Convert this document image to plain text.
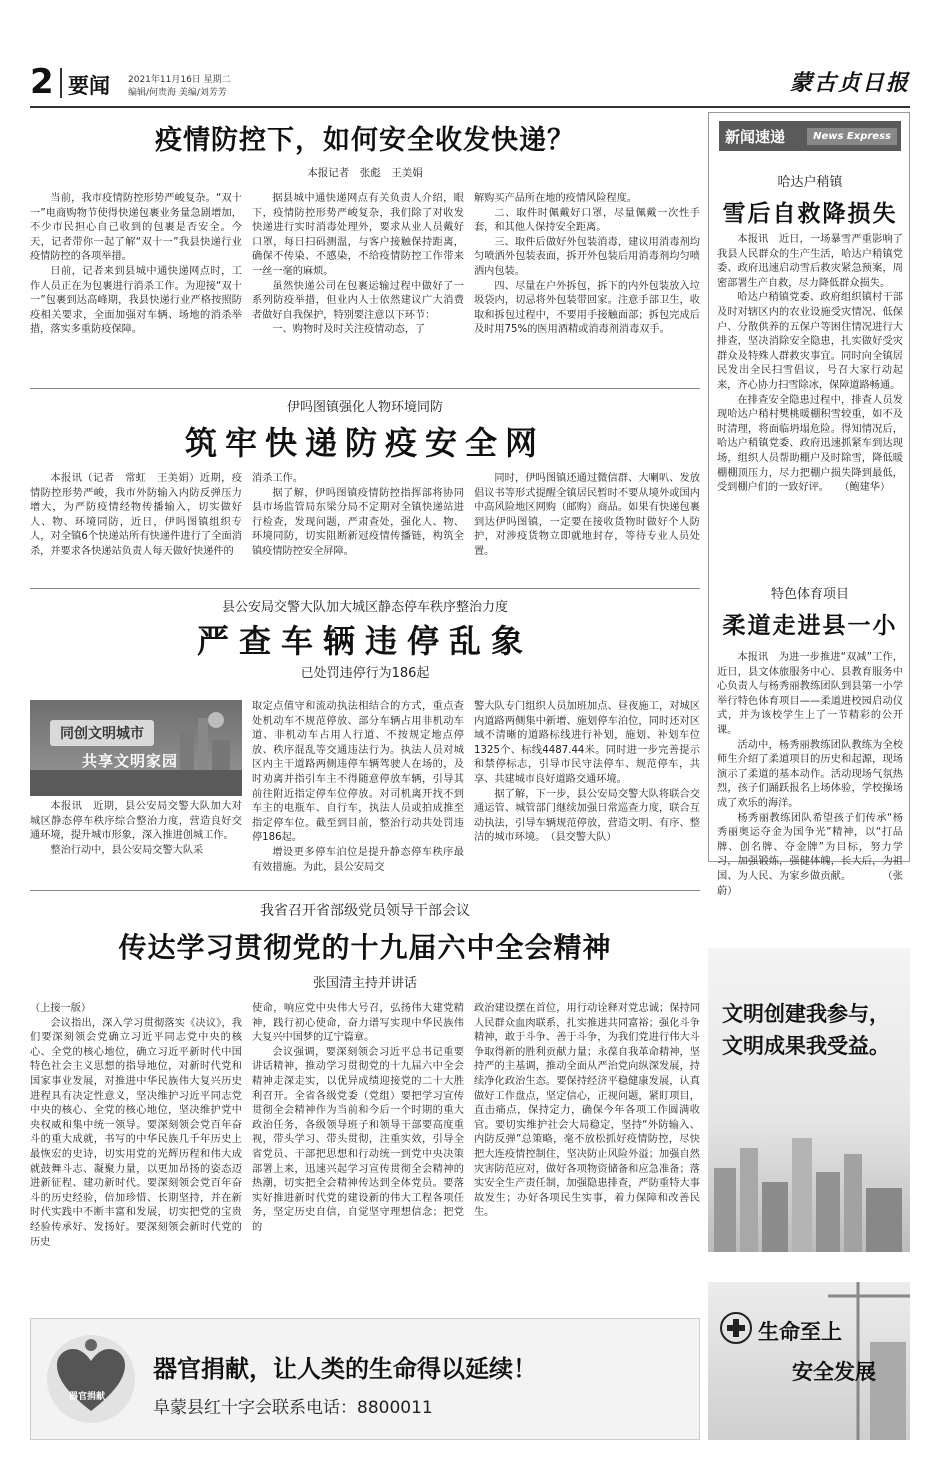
2 要闻 2021年11月16日 星期二
编辑/何贵海 美编/刘芳芳	蒙古贞日报
疫情防控下，如何安全收发快递？
本报记者　张彪　王美娟

当前，我市疫情防控形势严峻复杂。“双十一”电商购物节使得快递包裹业务量急剧增加，不少市民担心自己收到的包裹是否安全。今天，记者带你一起了解“双十一”我县快递行业疫情防控的各项举措。

日前，记者来到县城中通快递网点时，工作人员正在为包裹进行消杀工作。为迎接“双十一”包裹到达高峰期，我县快递行业严格按照防疫相关要求，全面加强对车辆、场地的消杀举措，落实多重防疫保障。

据县城中通快递网点有关负责人介绍，眼下，疫情防控形势严峻复杂，我们除了对收发快递进行实时消毒处理外，要求从业人员戴好口罩，每日扫码测温，与客户接触保持距离，确保不传染、不感染，不给疫情防控工作带来一丝一毫的麻烦。

虽然快递公司在包裹运输过程中做好了一系列防疫举措，但业内人士依然建议广大消费者做好自我保护，特别要注意以下环节：

一、购物时及时关注疫情动态，了

解购买产品所在地的疫情风险程度。

二、取件时佩戴好口罩，尽量佩戴一次性手套，和其他人保持安全距离。

三、取件后做好外包装消毒，建议用消毒剂均匀喷洒外包装表面，拆开外包装后用消毒剂均匀喷洒内包装。

四、尽量在户外拆包，拆下的内外包装放入垃圾袋内，切忌将外包装带回家。注意手部卫生，收取和拆包过程中，不要用手接触面部；拆包完成后及时用75%的医用酒精或消毒剂消毒双手。

伊吗图镇强化人物环境同防
筑牢快递防疫安全网

本报讯（记者　常虹　王美娟）近期，疫情防控形势严峻，我市外防输入内防反弹压力增大，为严防疫情经物传播输入，切实做好人、物、环境同防，近日，伊吗图镇组织专人，对全镇6个快递站所有快递件进行了全面消杀，并要求各快递站负责人每天做好快递件的

消杀工作。

据了解，伊吗图镇疫情防控指挥部将协同县市场监管局东梁分局不定期对全镇快递站进行检查，发现问题，严肃查处，强化人、物、环境同防，切实阻断新冠疫情传播链，构筑全镇疫情防控安全屏障。

同时，伊吗图镇还通过微信群、大喇叭、发放倡议书等形式提醒全镇居民暂时不要从境外或国内中高风险地区网购（邮购）商品。如果有快递包裹到达伊吗图镇，一定要在接收货物时做好个人防护，对涉疫货物立即就地封存，等待专业人员处置。

县公安局交警大队加大城区静态停车秩序整治力度
严查车辆违停乱象
已处罚违停行为186起
同创文明城市
共享文明家园

本报讯　近期，县公安局交警大队加大对城区静态停车秩序综合整治力度，营造良好交通环境，提升城市形象，深入推进创城工作。

整治行动中，县公安局交警大队采

取定点值守和流动执法相结合的方式，重点查处机动车不规范停放、部分车辆占用非机动车道、非机动车占用人行道、不按规定地点停放、秩序混乱等交通违法行为。执法人员对城区内主干道路两侧违停车辆驾驶人在场的，及时劝离并指引车主不得随意停放车辆，引导其前往附近指定停车位停放。对司机离开找不到车主的电瓶车、自行车，执法人员或拍成推至指定停车位。截至到目前，整治行动共处罚违停186起。

增设更多停车泊位是提升静态停车秩序最有效措施。为此，县公安局交

警大队专门组织人员加班加点、昼夜施工，对城区内道路两侧集中新增、施划停车泊位，同时还对区域不清晰的道路标线进行补划，施划、补划车位1325个、标线4487.44米。同时进一步完善提示和禁停标志，引导市民守法停车、规范停车，共享、共建城市良好道路交通环境。

据了解，下一步，县公安局交警大队将联合交通运管、城管部门继续加强日常巡查力度，联合互动执法，引导车辆规范停放，营造文明、有序、整洁的城市环境。　（县交警大队）

我省召开省部级党员领导干部会议
传达学习贯彻党的十九届六中全会精神
张国清主持并讲话

（上接一版）

会议指出，深入学习贯彻落实《决议》，我们要深刻领会党确立习近平同志党中央的核心、全党的核心地位，确立习近平新时代中国特色社会主义思想的指导地位，对新时代党和国家事业发展，对推进中华民族伟大复兴历史进程具有决定性意义，坚决维护习近平同志党中央的核心、全党的核心地位，坚决维护党中央权威和集中统一领导。要深刻领会党百年奋斗的重大成就，书写的中华民族几千年历史上最恢宏的史诗，切实用党的光辉历程和伟大成就鼓舞斗志、凝聚力量，以更加昂扬的姿态迈进新征程、建功新时代。要深刻领会党百年奋斗的历史经验，倍加珍惜、长期坚持，并在新时代实践中不断丰富和发展，切实把党的宝贵经验传承好、发扬好。要深刻领会新时代党的历史

使命，响应党中央伟大号召，弘扬伟大建党精神，践行初心使命，奋力谱写实现中华民族伟大复兴中国梦的辽宁篇章。

会议强调，要深刻领会习近平总书记重要讲话精神，推动学习贯彻党的十九届六中全会精神走深走实，以优异成绩迎接党的二十大胜利召开。全省各级党委（党组）要把学习宣传贯彻全会精神作为当前和今后一个时期的重大政治任务，各级领导班子和领导干部要高度重视，带头学习、带头贯彻，注重实效，引导全省党员、干部把思想和行动统一到党中央决策部署上来，迅速兴起学习宣传贯彻全会精神的热潮，切实把全会精神传达到全体党员。要落实好推进新时代党的建设新的伟大工程各项任务，坚定历史自信，自觉坚守理想信念；把党的

政治建设摆在首位，用行动诠释对党忠诚；保持同人民群众血肉联系，扎实推进共同富裕；强化斗争精神，敢于斗争、善于斗争，为我们党进行伟大斗争取得新的胜利贡献力量；永葆自我革命精神，坚持严的主基调，推动全面从严治党向纵深发展，持续净化政治生态。要保持经济平稳健康发展，认真做好工作盘点，坚定信心，正视问题，紧盯项目，直击痛点，保持定力，确保今年各项工作圆满收官。要切实维护社会大局稳定，坚持“外防输入、内防反弹”总策略，毫不放松抓好疫情防控，尽快把大连疫情控制住，坚决防止风险外溢；加强自然灾害防范应对，做好各项物资储备和应急准备；落实安全生产责任制，加强隐患排查，严防重特大事故发生；办好各项民生实事，着力保障和改善民生。

新闻速递	News Express
哈达户稍镇
雪后自救降损失

本报讯　近日，一场暴雪严重影响了我县人民群众的生产生活，哈达户稍镇党委、政府迅速启动雪后救灾紧急预案，周密部署生产自救，尽力降低群众损失。

哈达户稍镇党委、政府组织镇村干部及时对辖区内的农业设施受灾情况、低保户、分散供养的五保户等困住情况进行大排查，坚决消除安全隐患，扎实做好受灾群众及特殊人群救灾事宜。同时向全镇居民发出全民扫雪倡议，号召大家行动起来，齐心协力扫雪除冰，保障道路畅通。

在排查安全隐患过程中，排查人员发现哈达户稍村樊桃暖棚积雪较重，如不及时清理，将面临坍塌危险。得知情况后，哈达户稍镇党委、政府迅速抓紧车到达现场，组织人员帮助棚户及时除雪，降低暖棚棚顶压力，尽力把棚户损失降到最低，受到棚户们的一致好评。　　（鲍建华）

特色体育项目
柔道走进县一小

本报讯　为进一步推进“双减”工作，近日，县文体旅服务中心、县教育服务中心负责人与杨秀丽教练团队到县第一小学举行特色体育项目——柔道进校园启动仪式，并为该校学生上了一节精彩的公开课。

活动中，杨秀丽教练团队教练为全校师生介绍了柔道项目的历史和起源，现场演示了柔道的基本动作。活动现场气氛热烈，孩子们踊跃报名上场体验，学校操场成了欢乐的海洋。

杨秀丽教练团队希望孩子们传承“杨秀丽奥运夺金为国争光”精神，以“打品牌、创名牌、夺金牌”为目标，努力学习，加强锻炼，强健体魄，长大后，为祖国、为人民、为家乡做贡献。　　　　（张　蔚）

文明创建我参与，
文明成果我受益。
生命至上
安全发展
器官捐献
器官捐献，让人类的生命得以延续！
阜蒙县红十字会联系电话：8800011
